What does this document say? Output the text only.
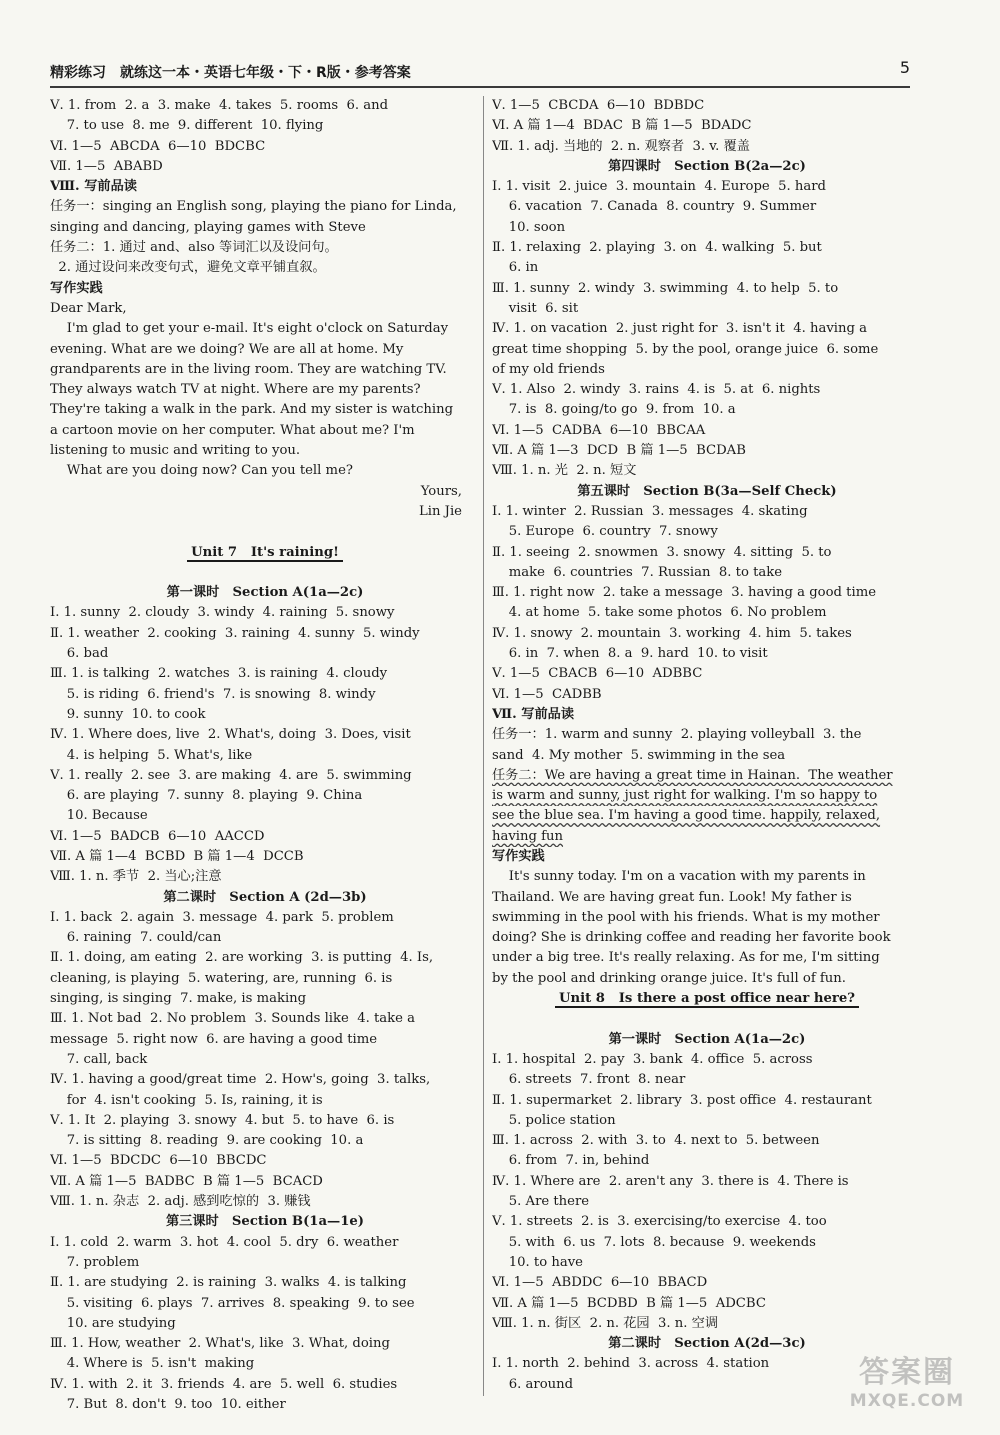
精彩练习　就练这一本・英语七年级・下・R版・参考答案	5
Ⅴ. 1. from  2. a  3. make  4. takes  5. rooms  6. and
7. to use  8. me  9. different  10. flying
Ⅵ. 1—5  ABCDA  6—10  BDCBC
Ⅶ. 1—5  ABABD
Ⅷ. 写前品读
任务一：singing an English song, playing the piano for Linda,
singing and dancing, playing games with Steve
任务二：1. 通过 and、also 等词汇以及设问句。
2. 通过设问来改变句式，避免文章平铺直叙。
写作实践
Dear Mark,
I'm glad to get your e-mail. It's eight o'clock on Saturday
evening. What are we doing? We are all at home. My
grandparents are in the living room. They are watching TV.
They always watch TV at night. Where are my parents?
They're taking a walk in the park. And my sister is watching
a cartoon movie on her computer. What about me? I'm
listening to music and writing to you.
What are you doing now? Can you tell me?
Yours,
Lin Jie
Unit 7   It's raining!
第一课时　Section A(1a—2c)
Ⅰ. 1. sunny  2. cloudy  3. windy  4. raining  5. snowy
Ⅱ. 1. weather  2. cooking  3. raining  4. sunny  5. windy
6. bad
Ⅲ. 1. is talking  2. watches  3. is raining  4. cloudy
5. is riding  6. friend's  7. is snowing  8. windy
9. sunny  10. to cook
Ⅳ. 1. Where does, live  2. What's, doing  3. Does, visit
4. is helping  5. What's, like
Ⅴ. 1. really  2. see  3. are making  4. are  5. swimming
6. are playing  7. sunny  8. playing  9. China
10. Because
Ⅵ. 1—5  BADCB  6—10  AACCD
Ⅶ. A 篇 1—4  BCBD  B 篇 1—4  DCCB
Ⅷ. 1. n. 季节  2. 当心;注意
第二课时　Section A (2d—3b)
Ⅰ. 1. back  2. again  3. message  4. park  5. problem
6. raining  7. could/can
Ⅱ. 1. doing, am eating  2. are working  3. is putting  4. Is,
cleaning, is playing  5. watering, are, running  6. is
singing, is singing  7. make, is making
Ⅲ. 1. Not bad  2. No problem  3. Sounds like  4. take a
message  5. right now  6. are having a good time
7. call, back
Ⅳ. 1. having a good/great time  2. How's, going  3. talks,
for  4. isn't cooking  5. Is, raining, it is
Ⅴ. 1. It  2. playing  3. snowy  4. but  5. to have  6. is
7. is sitting  8. reading  9. are cooking  10. a
Ⅵ. 1—5  BDCDC  6—10  BBCDC
Ⅶ. A 篇 1—5  BADBC  B 篇 1—5  BCACD
Ⅷ. 1. n. 杂志  2. adj. 感到吃惊的  3. 赚钱
第三课时　Section B(1a—1e)
Ⅰ. 1. cold  2. warm  3. hot  4. cool  5. dry  6. weather
7. problem
Ⅱ. 1. are studying  2. is raining  3. walks  4. is talking
5. visiting  6. plays  7. arrives  8. speaking  9. to see
10. are studying
Ⅲ. 1. How, weather  2. What's, like  3. What, doing
4. Where is  5. isn't  making
Ⅳ. 1. with  2. it  3. friends  4. are  5. well  6. studies
7. But  8. don't  9. too  10. either
Ⅴ. 1—5  CBCDA  6—10  BDBDC
Ⅵ. A 篇 1—4  BDAC  B 篇 1—5  BDADC
Ⅶ. 1. adj. 当地的  2. n. 观察者  3. v. 覆盖
第四课时　Section B(2a—2c)
Ⅰ. 1. visit  2. juice  3. mountain  4. Europe  5. hard
6. vacation  7. Canada  8. country  9. Summer
10. soon
Ⅱ. 1. relaxing  2. playing  3. on  4. walking  5. but
6. in
Ⅲ. 1. sunny  2. windy  3. swimming  4. to help  5. to
visit  6. sit
Ⅳ. 1. on vacation  2. just right for  3. isn't it  4. having a
great time shopping  5. by the pool, orange juice  6. some
of my old friends
Ⅴ. 1. Also  2. windy  3. rains  4. is  5. at  6. nights
7. is  8. going/to go  9. from  10. a
Ⅵ. 1—5  CADBA  6—10  BBCAA
Ⅶ. A 篇 1—3  DCD  B 篇 1—5  BCDAB
Ⅷ. 1. n. 光  2. n. 短文
第五课时　Section B(3a—Self Check)
Ⅰ. 1. winter  2. Russian  3. messages  4. skating
5. Europe  6. country  7. snowy
Ⅱ. 1. seeing  2. snowmen  3. snowy  4. sitting  5. to
make  6. countries  7. Russian  8. to take
Ⅲ. 1. right now  2. take a message  3. having a good time
4. at home  5. take some photos  6. No problem
Ⅳ. 1. snowy  2. mountain  3. working  4. him  5. takes
6. in  7. when  8. a  9. hard  10. to visit
Ⅴ. 1—5  CBACB  6—10  ADBBC
Ⅵ. 1—5  CADBB
Ⅶ. 写前品读
任务一：1. warm and sunny  2. playing volleyball  3. the
sand  4. My mother  5. swimming in the sea
任务二：We are having a great time in Hainan.  The weather
is warm and sunny, just right for walking. I'm so happy to
see the blue sea. I'm having a good time. happily, relaxed,
having fun
写作实践
It's sunny today. I'm on a vacation with my parents in
Thailand. We are having great fun. Look! My father is
swimming in the pool with his friends. What is my mother
doing? She is drinking coffee and reading her favorite book
under a big tree. It's really relaxing. As for me, I'm sitting
by the pool and drinking orange juice. It's full of fun.
Unit 8   Is there a post office near here?
第一课时　Section A(1a—2c)
Ⅰ. 1. hospital  2. pay  3. bank  4. office  5. across
6. streets  7. front  8. near
Ⅱ. 1. supermarket  2. library  3. post office  4. restaurant
5. police station
Ⅲ. 1. across  2. with  3. to  4. next to  5. between
6. from  7. in, behind
Ⅳ. 1. Where are  2. aren't any  3. there is  4. There is
5. Are there
Ⅴ. 1. streets  2. is  3. exercising/to exercise  4. too
5. with  6. us  7. lots  8. because  9. weekends
10. to have
Ⅵ. 1—5  ABDDC  6—10  BBACD
Ⅶ. A 篇 1—5  BCDBD  B 篇 1—5  ADCBC
Ⅷ. 1. n. 街区  2. n. 花园  3. n. 空调
第二课时　Section A(2d—3c)
Ⅰ. 1. north  2. behind  3. across  4. station
6. around	答案圈
MXQE.COM
